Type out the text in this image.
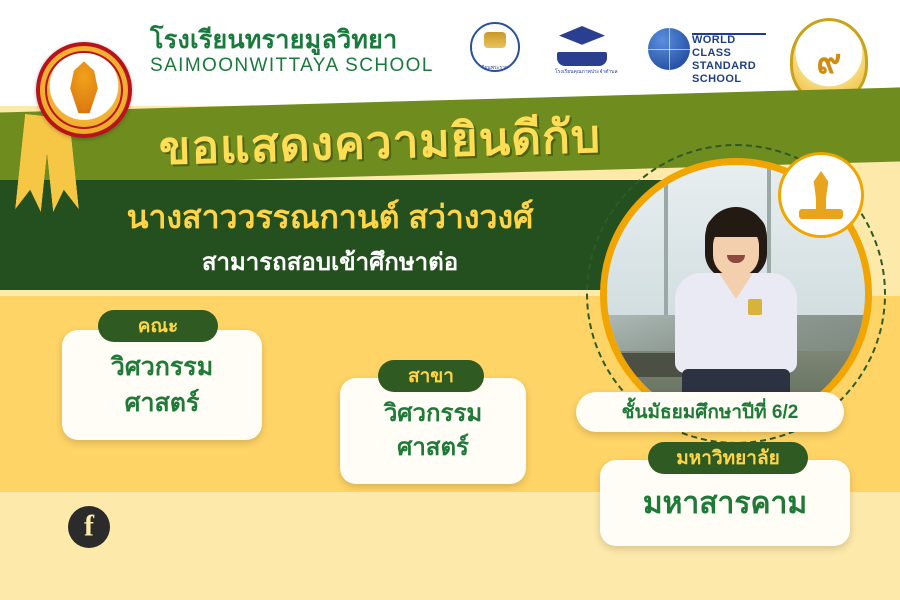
โรงเรียนทรายมูลวิทยา
SAIMOONWITTAYA SCHOOL	โรงเรียนพระราชทาน
โรงเรียนคุณภาพประจำตำบล
WORLD CLASS
STANDARD SCHOOL	๙
ขอแสดงความยินดีกับ
นางสาววรรณกานต์ สว่างวงศ์
สามารถสอบเข้าศึกษาต่อ
วิศวกรรม
ศาสตร์
คณะ
วิศวกรรม
ศาสตร์
สาขา
ชั้นมัธยมศึกษาปีที่ 6/2
มหาสารคาม
มหาวิทยาลัย
f
